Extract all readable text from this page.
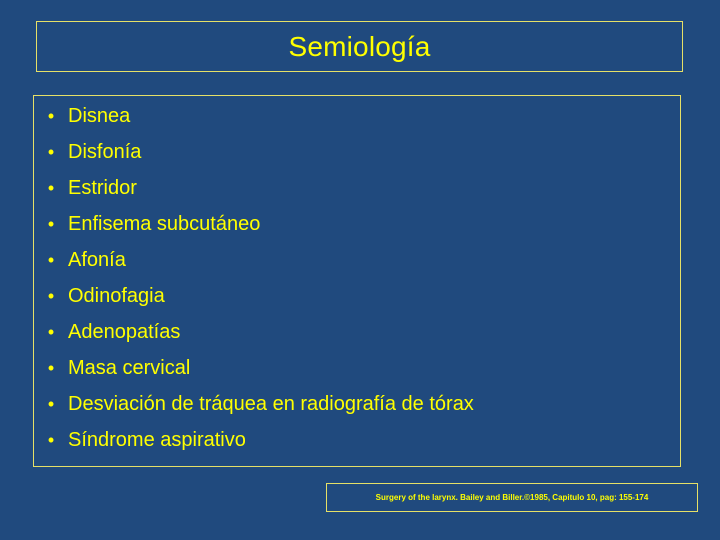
Semiología
• Disnea
• Disfonía
• Estridor
• Enfisema subcutáneo
• Afonía
• Odinofagia
• Adenopatías
• Masa cervical
• Desviación de tráquea en radiografía de tórax
• Síndrome aspirativo
Surgery of the larynx. Bailey and Biller.©1985, Capitulo 10, pag: 155-174
